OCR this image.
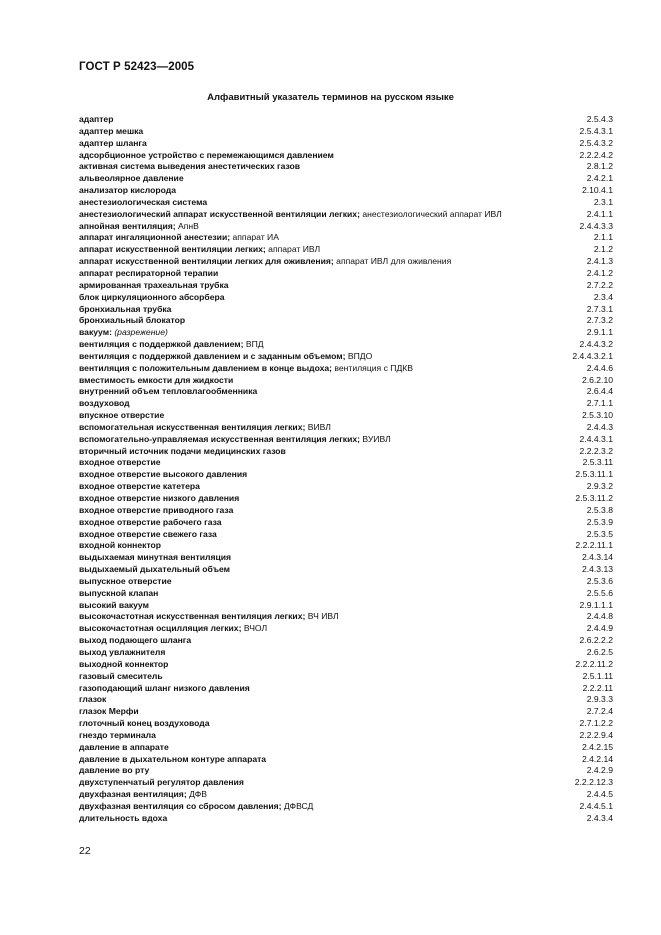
ГОСТ Р 52423—2005
Алфавитный указатель терминов на русском языке
адаптер	2.5.4.3
адаптер мешка	2.5.4.3.1
адаптер шланга	2.5.4.3.2
адсорбционное устройство с перемежающимся давлением	2.2.2.4.2
активная система выведения анестетических газов	2.8.1.2
альвеолярное давление	2.4.2.1
анализатор кислорода	2.10.4.1
анестезиологическая система	2.3.1
анестезиологический аппарат искусственной вентиляции легких; анестезиологический аппарат ИВЛ	2.4.1.1
апнойная вентиляция; АпнВ	2.4.4.3.3
аппарат ингаляционной анестезии; аппарат ИА	2.1.1
аппарат искусственной вентиляции легких; аппарат ИВЛ	2.1.2
аппарат искусственной вентиляции легких для оживления; аппарат ИВЛ для оживления	2.4.1.3
аппарат респираторной терапии	2.4.1.2
армированная трахеальная трубка	2.7.2.2
блок циркуляционного абсорбера	2.3.4
бронхиальная трубка	2.7.3.1
бронхиальный блокатор	2.7.3.2
вакуум: (разрежение)	2.9.1.1
вентиляция с поддержкой давлением; ВПД	2.4.4.3.2
вентиляция с поддержкой давлением и с заданным объемом; ВПДО	2.4.4.3.2.1
вентиляция с положительным давлением в конце выдоха; вентиляция с ПДКВ	2.4.4.6
вместимость емкости для жидкости	2.6.2.10
внутренний объем тепловлагообменника	2.6.4.4
воздуховод	2.7.1.1
впускное отверстие	2.5.3.10
вспомогательная искусственная вентиляция легких; ВИВЛ	2.4.4.3
вспомогательно-управляемая искусственная вентиляция легких; ВУИВЛ	2.4.4.3.1
вторичный источник подачи медицинских газов	2.2.2.3.2
входное отверстие	2.5.3.11
входное отверстие высокого давления	2.5.3.11.1
входное отверстие катетера	2.9.3.2
входное отверстие низкого давления	2.5.3.11.2
входное отверстие приводного газа	2.5.3.8
входное отверстие рабочего газа	2.5.3.9
входное отверстие свежего газа	2.5.3.5
входной коннектор	2.2.2.11.1
выдыхаемая минутная вентиляция	2.4.3.14
выдыхаемый дыхательный объем	2.4.3.13
выпускное отверстие	2.5.3.6
выпускной клапан	2.5.5.6
высокий вакуум	2.9.1.1.1
высокочастотная искусственная вентиляция легких; ВЧ ИВЛ	2.4.4.8
высокочастотная осцилляция легких; ВЧОЛ	2.4.4.9
выход подающего шланга	2.6.2.2.2
выход увлажнителя	2.6.2.5
выходной коннектор	2.2.2.11.2
газовый смеситель	2.5.1.11
газоподающий шланг низкого давления	2.2.2.11
глазок	2.9.3.3
глазок Мерфи	2.7.2.4
глоточный конец воздуховода	2.7.1.2.2
гнездо терминала	2.2.2.9.4
давление в аппарате	2.4.2.15
давление в дыхательном контуре аппарата	2.4.2.14
давление во рту	2.4.2.9
двухступенчатый регулятор давления	2.2.2.12.3
двухфазная вентиляция; ДФВ	2.4.4.5
двухфазная вентиляция со сбросом давления; ДФВСД	2.4.4.5.1
длительность вдоха	2.4.3.4
22
